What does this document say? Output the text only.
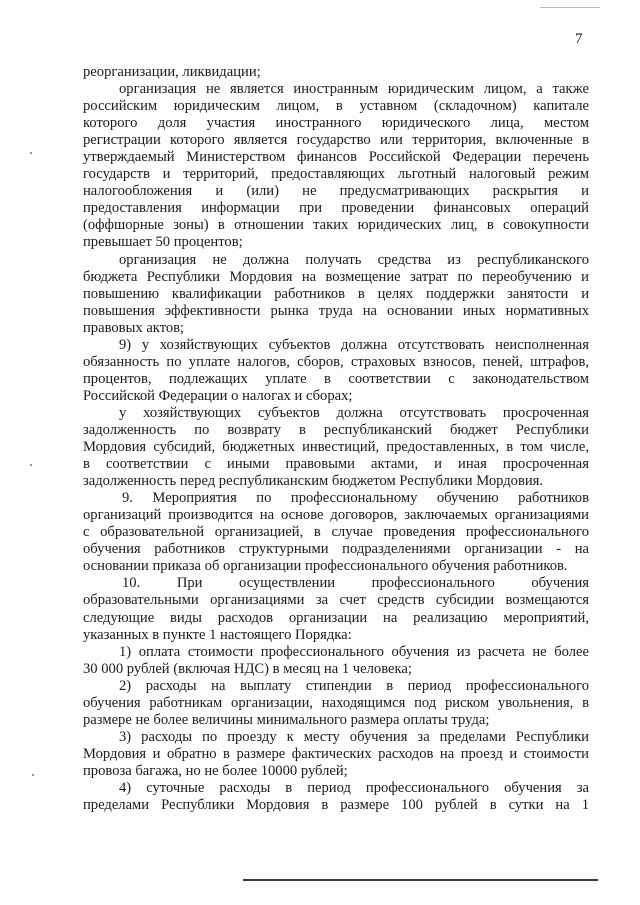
7

реорганизации, ликвидации;

организация не является иностранным юридическим лицом, а также

российским юридическим лицом, в уставном (складочном) капитале

которого доля участия иностранного юридического лица, местом

регистрации которого является государство или территория, включенные в

утверждаемый Министерством финансов Российской Федерации перечень

государств и территорий, предоставляющих льготный налоговый режим

налогообложения и (или) не предусматривающих раскрытия и

предоставления информации при проведении финансовых операций

(оффшорные зоны) в отношении таких юридических лиц, в совокупности

превышает 50 процентов;

организация не должна получать средства из республиканского

бюджета Республики Мордовия на возмещение затрат по переобучению и

повышению квалификации работников в целях поддержки занятости и

повышения эффективности рынка труда на основании иных нормативных

правовых актов;

9) у хозяйствующих субъектов должна отсутствовать неисполненная

обязанность по уплате налогов, сборов, страховых взносов, пеней, штрафов,

процентов, подлежащих уплате в соответствии с законодательством

Российской Федерации о налогах и сборах;

у хозяйствующих субъектов должна отсутствовать просроченная

задолженность по возврату в республиканский бюджет Республики

Мордовия субсидий, бюджетных инвестиций, предоставленных, в том числе,

в соответствии с иными правовыми актами, и иная просроченная

задолженность перед республиканским бюджетом Республики Мордовия.

9. Мероприятия по профессиональному обучению работников

организаций производится на основе договоров, заключаемых организациями

с образовательной организацией, в случае проведения профессионального

обучения работников структурными подразделениями организации - на

основании приказа об организации профессионального обучения работников.

10. При осуществлении профессионального обучения

образовательными организациями за счет средств субсидии возмещаются

следующие виды расходов организации на реализацию мероприятий,

указанных в пункте 1 настоящего Порядка:

1) оплата стоимости профессионального обучения из расчета не более

30 000 рублей (включая НДС) в месяц на 1 человека;

2) расходы на выплату стипендии в период профессионального

обучения работникам организации, находящимся под риском увольнения, в

размере не более величины минимального размера оплаты труда;

3) расходы по проезду к месту обучения за пределами Республики

Мордовия и обратно в размере фактических расходов на проезд и стоимости

провоза багажа, но не более 10000 рублей;

4) суточные расходы в период профессионального обучения за

пределами Республики Мордовия в размере 100 рублей в сутки на 1
